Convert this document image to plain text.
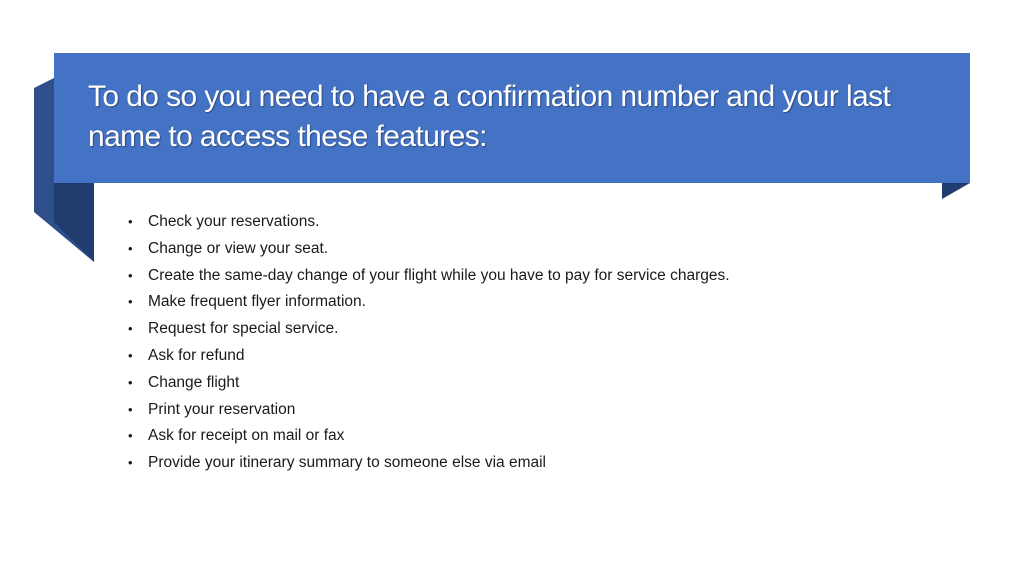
To do so you need to have a confirmation number and your last name to access these features:
• Check your reservations.
• Change or view your seat.
• Create the same-day change of your flight while you have to pay for service charges.
• Make frequent flyer information.
• Request for special service.
• Ask for refund
• Change flight
• Print your reservation
• Ask for receipt on mail or fax
• Provide your itinerary summary to someone else via email
